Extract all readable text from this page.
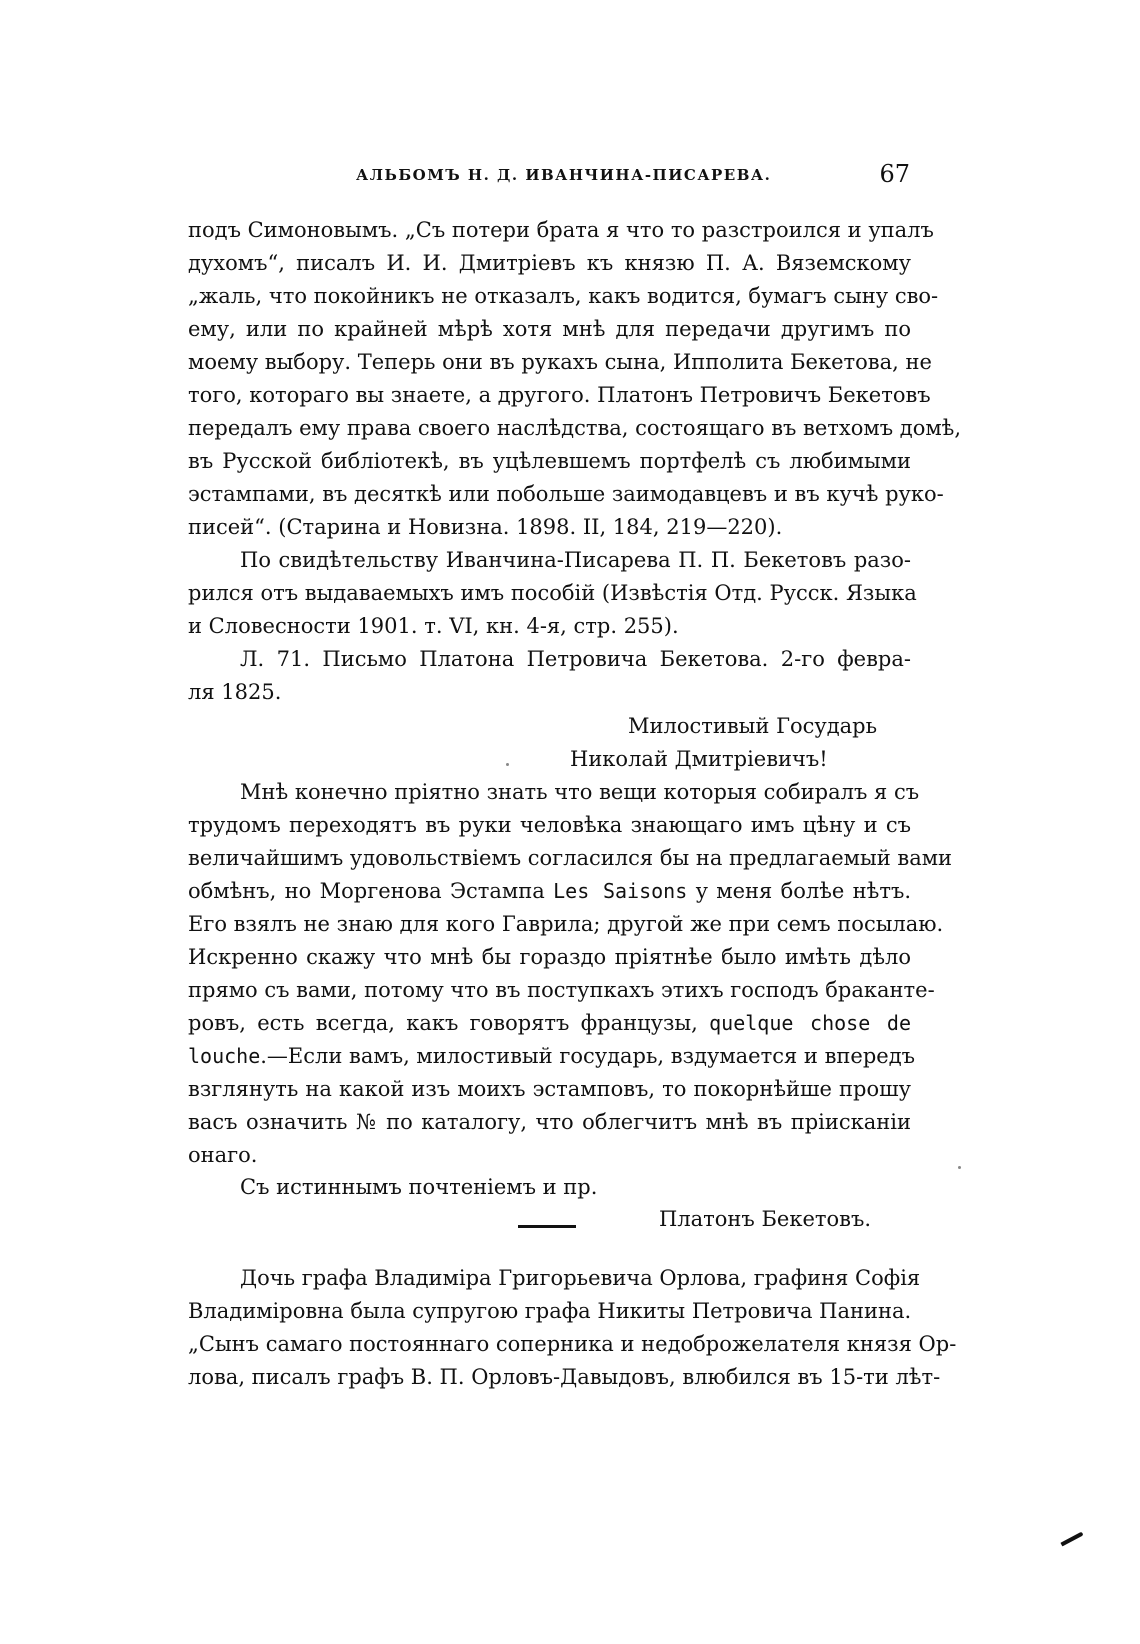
АЛЬБОМЪ Н. Д. ИВАНЧИНА-ПИСАРЕВА.	67
подъ Симоновымъ. „Съ потери брата я что то разстроился и упалъ
духомъ“, писалъ И. И. Дмитріевъ къ князю П. А. Вяземскому
„жаль, что покойникъ не отказалъ, какъ водится, бумагъ сыну сво-
ему, или по крайней мѣрѣ хотя мнѣ для передачи другимъ по
моему выбору. Теперь они въ рукахъ сына, Ипполита Бекетова, не
того, котораго вы знаете, а другого. Платонъ Петровичъ Бекетовъ
передалъ ему права своего наслѣдства, состоящаго въ ветхомъ домѣ,
въ Русской библіотекѣ, въ уцѣлевшемъ портфелѣ съ любимыми
эстампами, въ десяткѣ или побольше заимодавцевъ и въ кучѣ руко-
писей“. (Старина и Новизна. 1898. II, 184, 219—220).
По свидѣтельству Иванчина-Писарева П. П. Бекетовъ разо-
рился отъ выдаваемыхъ имъ пособій (Извѣстія Отд. Русск. Языка
и Словесности 1901. т. VI, кн. 4-я, стр. 255).
Л. 71. Письмо Платона Петровича Бекетова. 2-го февра-
ля 1825.
Милостивый Государь
Николай Дмитріевичъ!
Мнѣ конечно пріятно знать что вещи которыя собиралъ я съ
трудомъ переходятъ въ руки человѣка знающаго имъ цѣну и съ
величайшимъ удовольствіемъ согласился бы на предлагаемый вами
обмѣнъ, но Моргенова Эстампа Les Saisons у меня болѣе нѣтъ.
Его взялъ не знаю для кого Гаврила; другой же при семъ посылаю.
Искренно скажу что мнѣ бы гораздо пріятнѣе было имѣть дѣло
прямо съ вами, потому что въ поступкахъ этихъ господъ браканте-
ровъ, есть всегда, какъ говорятъ французы, quelque chose de
louche.—Если вамъ, милостивый государь, вздумается и впередъ
взглянуть на какой изъ моихъ эстамповъ, то покорнѣйше прошу
васъ означить № по каталогу, что облегчитъ мнѣ въ пріисканіи
онаго.
Съ истиннымъ почтеніемъ и пр.
Платонъ Бекетовъ.
Дочь графа Владиміра Григорьевича Орлова, графиня Софія
Владиміровна была супругою графа Никиты Петровича Панина.
„Сынъ самаго постояннаго соперника и недоброжелателя князя Ор-
лова, писалъ графъ В. П. Орловъ-Давыдовъ, влюбился въ 15-ти лѣт-
